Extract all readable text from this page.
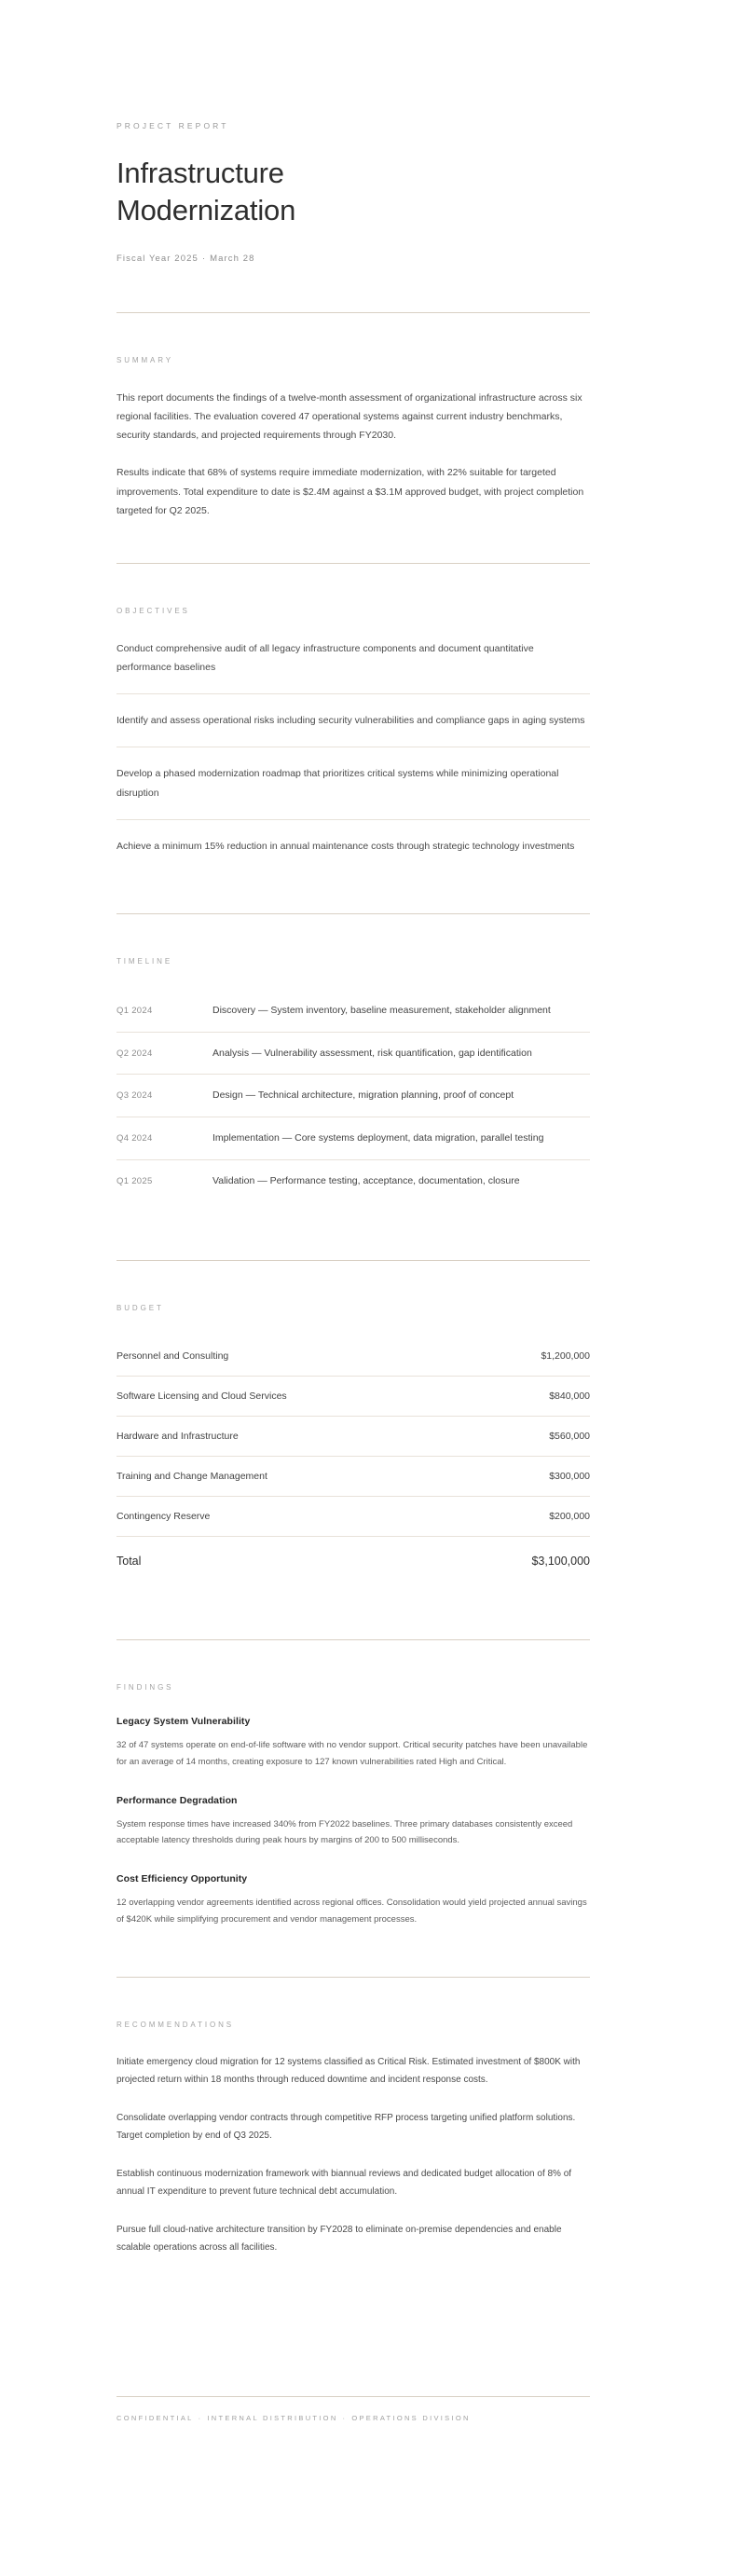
PROJECT REPORT
Infrastructure
Modernization
Fiscal Year 2025 · March 28
SUMMARY

This report documents the findings of a twelve-month assessment of organizational infrastructure across six regional facilities. The evaluation covered 47 operational systems against current industry benchmarks, security standards, and projected requirements through FY2030.

Results indicate that 68% of systems require immediate modernization, with 22% suitable for targeted improvements. Total expenditure to date is $2.4M against a $3.1M approved budget, with project completion targeted for Q2 2025.

OBJECTIVES
Conduct comprehensive audit of all legacy infrastructure components and document quantitative performance baselines
Identify and assess operational risks including security vulnerabilities and compliance gaps in aging systems
Develop a phased modernization roadmap that prioritizes critical systems while minimizing operational disruption
Achieve a minimum 15% reduction in annual maintenance costs through strategic technology investments
TIMELINE
Q1 2024	Discovery — System inventory, baseline measurement, stakeholder alignment
Q2 2024	Analysis — Vulnerability assessment, risk quantification, gap identification
Q3 2024	Design — Technical architecture, migration planning, proof of concept
Q4 2024	Implementation — Core systems deployment, data migration, parallel testing
Q1 2025	Validation — Performance testing, acceptance, documentation, closure
BUDGET
Personnel and Consulting	$1,200,000
Software Licensing and Cloud Services	$840,000
Hardware and Infrastructure	$560,000
Training and Change Management	$300,000
Contingency Reserve	$200,000
Total	$3,100,000
FINDINGS
Legacy System Vulnerability

32 of 47 systems operate on end-of-life software with no vendor support. Critical security patches have been unavailable for an average of 14 months, creating exposure to 127 known vulnerabilities rated High and Critical.

Performance Degradation

System response times have increased 340% from FY2022 baselines. Three primary databases consistently exceed acceptable latency thresholds during peak hours by margins of 200 to 500 milliseconds.

Cost Efficiency Opportunity

12 overlapping vendor agreements identified across regional offices. Consolidation would yield projected annual savings of $420K while simplifying procurement and vendor management processes.

RECOMMENDATIONS

Initiate emergency cloud migration for 12 systems classified as Critical Risk. Estimated investment of $800K with projected return within 18 months through reduced downtime and incident response costs.

Consolidate overlapping vendor contracts through competitive RFP process targeting unified platform solutions. Target completion by end of Q3 2025.

Establish continuous modernization framework with biannual reviews and dedicated budget allocation of 8% of annual IT expenditure to prevent future technical debt accumulation.

Pursue full cloud-native architecture transition by FY2028 to eliminate on-premise dependencies and enable scalable operations across all facilities.

CONFIDENTIAL · INTERNAL DISTRIBUTION · OPERATIONS DIVISION
